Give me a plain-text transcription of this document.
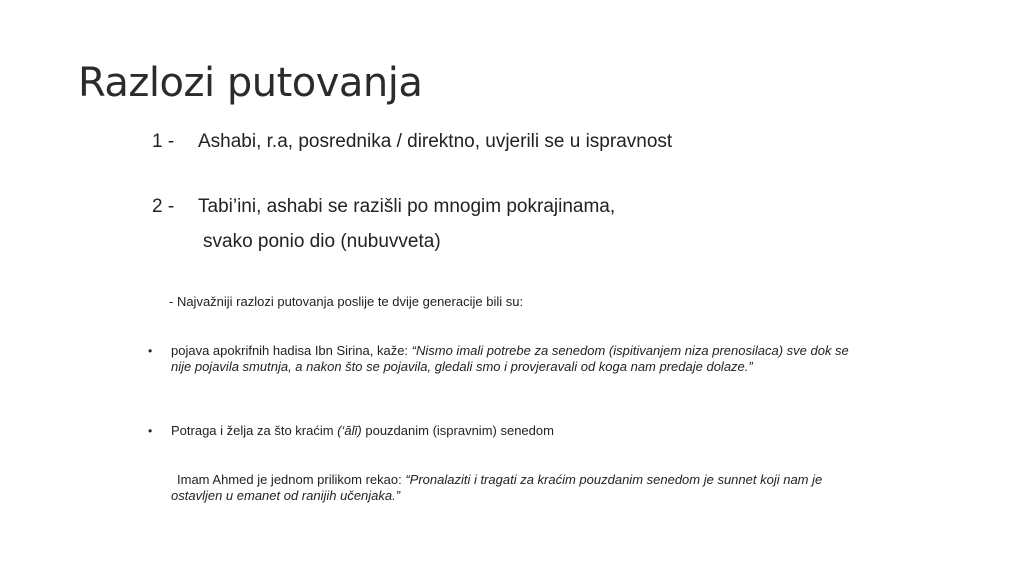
Razlozi putovanja
1 - Ashabi, r.a, posrednika / direktno, uvjerili se u ispravnost
2 - Tabi’ini, ashabi se razišli po mnogim pokrajinama,
svako ponio dio (nubuvveta)
- Najvažniji razlozi putovanja poslije te dvije generacije bili su:
• pojava apokrifnih hadisa Ibn Sirina, kaže: “Nismo imali potrebe za senedom (ispitivanjem niza prenosilaca) sve dok se nije pojavila smutnja, a nakon što se pojavila, gledali smo i provjeravali od koga nam predaje dolaze.”
• Potraga i želja za što kraćim (‘ālī) pouzdanim (ispravnim) senedom
Imam Ahmed je jednom prilikom rekao: “Pronalaziti i tragati za kraćim pouzdanim senedom je sunnet koji nam je ostavljen u emanet od ranijih učenjaka.”
